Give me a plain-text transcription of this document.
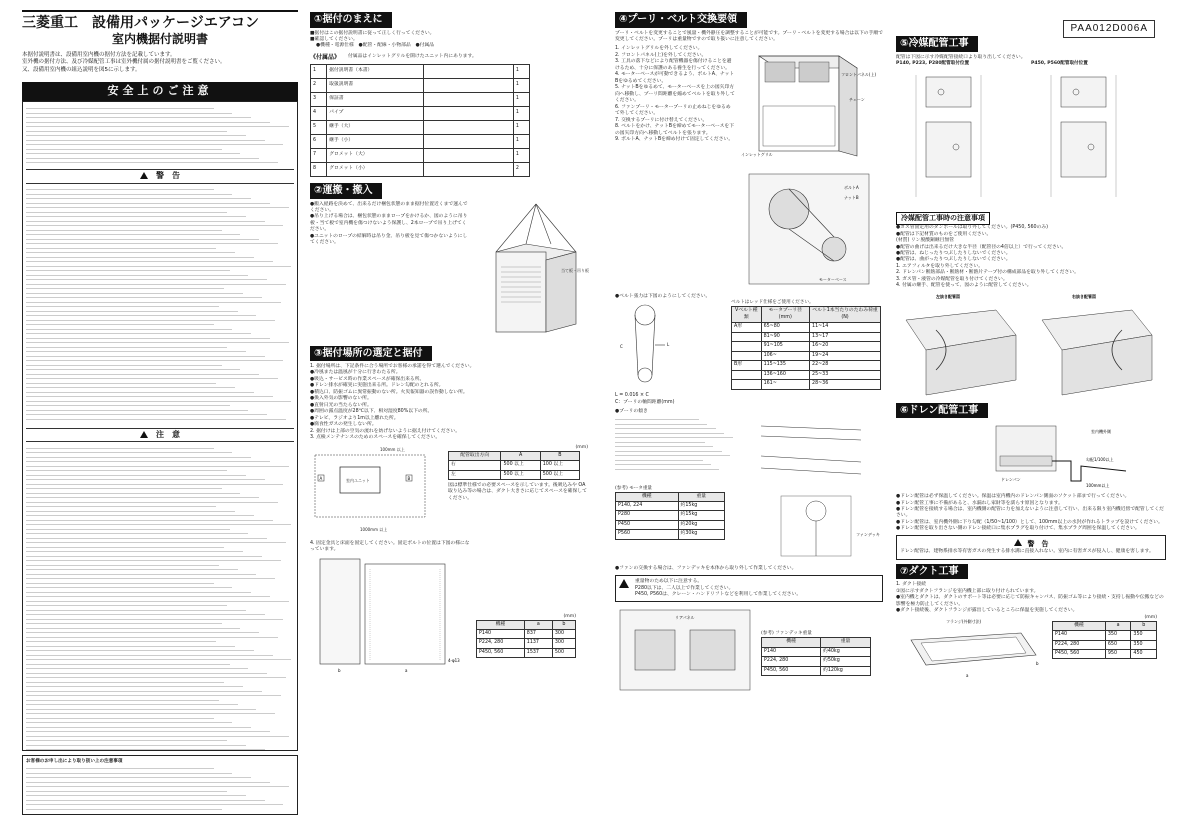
PAA012D006A
三菱重工　設備用パッケージエアコン
室内機据付説明書

本据付説明書は、設備用室内機の据付方法を記載しています。

室外機の据付方法、及び冷媒配管工事は室外機付属の据付説明書をご覧ください。

又、設備用室内機の組込説明を図5に示します。

安全上のご注意
警　告
注　意
お客様のお申し出により取り扱い上の注意事項
①据付のまえに
■据付はこの据付説明書に従って正しく行ってください。
■確認してください。
●機種・電源仕様　●配管・配線・小物部品　●付属品
《付属品》 付属品はインレットグリルを開けたユニット内にあります。
1	据付説明書（本書）		1
2	取扱説明書		1
3	保証書		1
4	パイプ		1
5	継手（大）		1
6	継手（小）		1
7	グロメット（大）		1
8	グロメット（小）		2
②運搬・搬入
●搬入経路を決めて、出来るだけ梱包状態のまま据付位置近くまで運んでください。
●吊り上げる場合は、梱包状態のままロープをかけるか、図のように吊り板・当て板で室内機を傷つけないよう保護し、2本ロープで吊り上げてください。
●ユニットのロープの結解時は吊り金、吊り板を見て傷つかないようにしてください。
当て板・吊り板
③据付場所の選定と据付
1. 据付場所は、下記条件に合う場所でお客様の承諾を得て選んでください。
●冷風または温風が十分に行きわたる所。
●吸込・サービス時の作業スペースが確保出来る所。
●ドレン排水が確実に実施出来る所。ドレン勾配のとれる所。
●積込口、防振ゴムに異常振動のない所。火災報知器の誤作動しない所。
●換入外気の影響のない所。
●直射日光の当たらない所。
●周囲の露点温度が28℃以下、相対湿度80%以下の所。
●テレビ、ラジオより1m以上離れた所。
●腐食性ガスの発生しない所。
2. 据付けは上部の空気の流れを妨げないように据え付けてください。
3. 点検メンテナンスのためのスペースを確保してください。
100mm 以上
室内ユニット
A	B
1000mm 以上
(mm)
配管取出方向	A	B
右	500 以上	100 以上
左	500 以上	500 以上
図は標準仕様での必要スペースを示しています。後吸込みや OA 取り込み等の場合は、ダクト大きさに応じてスペースを確保してください。
4. 固定金具と床面を固定してください。固定ボルトの位置は下図の様になっています。
a
b
4-φ13
(mm)
機種	a	b
P140	837	300
P224, 280	1137	300
P450, 560	1537	500
④プーリ・ベルト交換要領
プーリ・ベルトを変更することで風量・機外静圧を調整することが可能です。プーリ・ベルトを変更する場合は以下の手順で変更してください。プーリは重量物ですので取り扱いに注意してください。
1. インレットグリルを外してください。
2. フロントパネル(上)を外してください。
3. 工具の落下などにより配管機器を傷付けることを避けるため、十分に保護のある養生を行ってください。
4. モーターベースが可動できるよう、ボルトA、ナットBをゆるめてください。
5. ナットBをゆるめて、モーターベースを上の図矢印方向へ移動し、プーリ間距離を縮めてベルトを取り外してください。
6. ファンプーリ・モータープーリの止めねじをゆるめて外してください。
7. 交換するプーリに付け替えてください。
8. ベルトをかけ、ナットBを締めてモーターベースを下の図矢印方向へ移動してベルトを張ります。
9. ボルトA、ナットBを締め付けて固定してください。
フロントパネル(上)
チェーン
インレットグリル

ボルトA
ナットB
モーターベース
●ベルト張力は下図のようにしてください。
C	L
L = 0.016 × C
C：プーリの軸間距離(mm)
ベルトはレッド仕様をご使用ください。
Vベルト種類	モータプーリ径(mm)	ベルト1本当たりのたわみ荷重(N)
A形	65~80	11~14
	81~90	13~17
	91~105	16~20
	106~	19~24
B形	115~135	22~28
	136~160	25~33
	161~	28~36
●プーリの傾き
(参考) モータ重量
機種	重量
P140, 224	約15kg
P280	約15kg
P450	約20kg
P560	約30kg	ファンデッキ
●ファンの交換する場合は、ファンデッキを本体から取り外して作業してください。
重量物のため以下に注意する。
P280以下は、二人以上で作業してください。
P450, P560は、クレーン・ハンドリフトなどを利用して作業してください。
リアパネル
(参考) ファンデッキ重量
機種	重量
P140	約40kg
P224, 280	約50kg
P450, 560	約120kg
⑤冷媒配管工事
配管は下図に示す冷媒配管接続口より取り出してください。
P140, P223, P280配管取付位置	P450, P560配管取付位置
冷媒配管工事時の注意事項
●ガス管固定用のダンボールは取り外してください。(P450, 560のみ)
●配管は下記材質のものをご使用ください。
(材質) リン脱酸銅継目無管
●配管の曲げは出来るだけ大きな半径（配管径の4倍以上）で行ってください。
●配管は、ねじったりつぶしたりしないでください。
●配管は、曲がったりつぶしたりしないでください。
1. エアフィルタを取り外してください。
2. ドレンパン断熱部品・断熱材・断熱片テープ付の構成部品を取り外してください。
3. ガス管・液管の冷媒配管を取り付けてください。
4. 付属の継手、配管を使って、図のように配管してください。
左抜き配管図	右抜き配管図
⑥ドレン配管工事
室内機外側
ドレンパン
勾配1/100以上
100mm以上
●ドレン配管は必ず保温してください。保温は室内機内のドレンパン側面のソケット部まで行ってください。
●ドレン配管工事に不備があると、水漏れし家財等を濡らす原因となります。
●ドレン配管を接続する場合は、室内機側の配管に力を加えないように注意して行い、出来る限り室内機近傍で配管してください。
●ドレン配管は、室内機外側に下り勾配（1/50~1/100）として、100mm以上の水封が作れるトラップを設けてください。
●ドレン配管を取り出さない側のドレン接続口に集水プラグを取り付けて、集水プラグ周囲を保温してください。
警　告
ドレン配管は、建物系排水等有害ガスの発生する排水溝に直接入れない。室内に有害ガスが侵入し、健康を害します。
⑦ダクト工事
1. ダクト接続
①図に示すダクトフランジを室内機上部に取り付けられています。
●室内機とダクトは、ダクトのサポート等は必要に応じて防振キャンバス、防振ゴム等により接続・支持し振動や伝搬などの影響を極力防止してください。
●ダクト接続後、ダクトフランジが露出しているところに保温を実施してください。
フランジ(外側寸法)
a
b
(mm)
機種	a	b
P140	350	350
P224, 280	650	350
P450, 560	950	450
